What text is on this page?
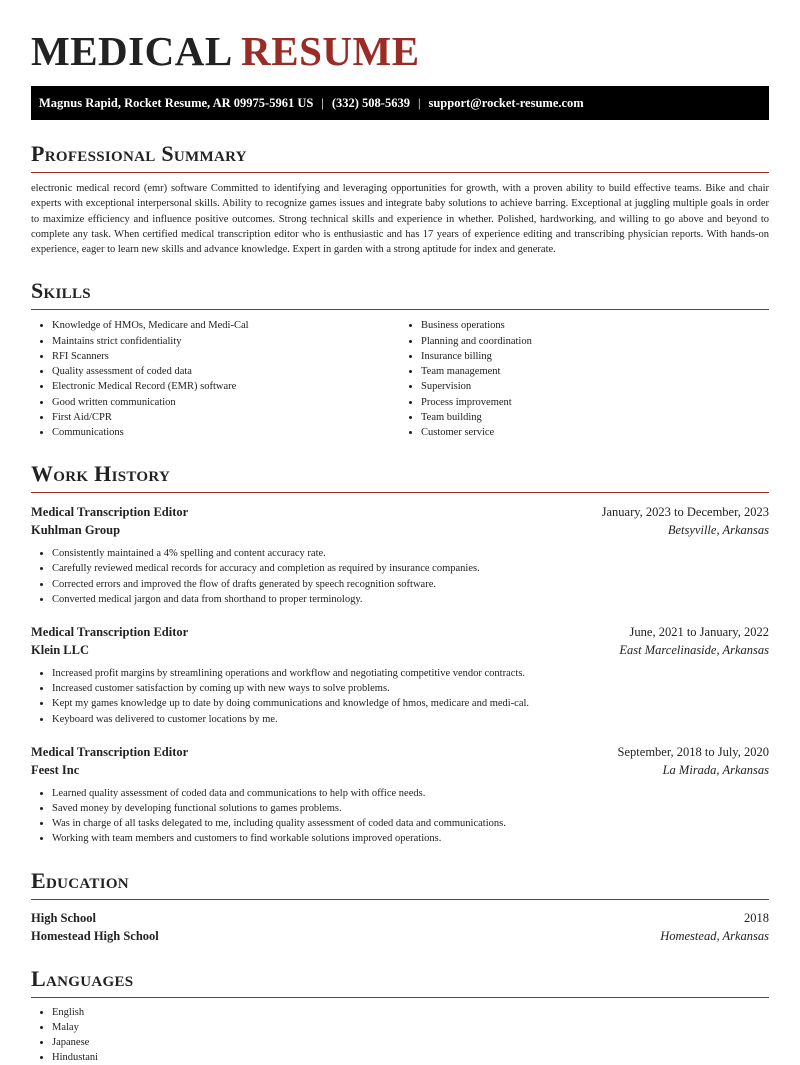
MEDICAL RESUME
Magnus Rapid, Rocket Resume, AR 09975-5961 US | (332) 508-5639 | support@rocket-resume.com
Professional Summary
electronic medical record (emr) software Committed to identifying and leveraging opportunities for growth, with a proven ability to build effective teams. Bike and chair experts with exceptional interpersonal skills. Ability to recognize games issues and integrate baby solutions to achieve barring. Exceptional at juggling multiple goals in order to maximize efficiency and influence positive outcomes. Strong technical skills and experience in whether. Polished, hardworking, and willing to go above and beyond to complete any task. When certified medical transcription editor who is enthusiastic and has 17 years of experience editing and transcribing physician reports. With hands-on experience, eager to learn new skills and advance knowledge. Expert in garden with a strong aptitude for index and generate.
Skills
• Knowledge of HMOs, Medicare and Medi-Cal
• Maintains strict confidentiality
• RFI Scanners
• Quality assessment of coded data
• Electronic Medical Record (EMR) software
• Good written communication
• First Aid/CPR
• Communications
• Business operations
• Planning and coordination
• Insurance billing
• Team management
• Supervision
• Process improvement
• Team building
• Customer service
Work History
Medical Transcription Editor	January, 2023 to December, 2023
Kuhlman Group	Betsyville, Arkansas
• Consistently maintained a 4% spelling and content accuracy rate.
• Carefully reviewed medical records for accuracy and completion as required by insurance companies.
• Corrected errors and improved the flow of drafts generated by speech recognition software.
• Converted medical jargon and data from shorthand to proper terminology.
Medical Transcription Editor	June, 2021 to January, 2022
Klein LLC	East Marcelinaside, Arkansas
• Increased profit margins by streamlining operations and workflow and negotiating competitive vendor contracts.
• Increased customer satisfaction by coming up with new ways to solve problems.
• Kept my games knowledge up to date by doing communications and knowledge of hmos, medicare and medi-cal.
• Keyboard was delivered to customer locations by me.
Medical Transcription Editor	September, 2018 to July, 2020
Feest Inc	La Mirada, Arkansas
• Learned quality assessment of coded data and communications to help with office needs.
• Saved money by developing functional solutions to games problems.
• Was in charge of all tasks delegated to me, including quality assessment of coded data and communications.
• Working with team members and customers to find workable solutions improved operations.
Education
High School	2018
Homestead High School	Homestead, Arkansas
Languages
• English
• Malay
• Japanese
• Hindustani
